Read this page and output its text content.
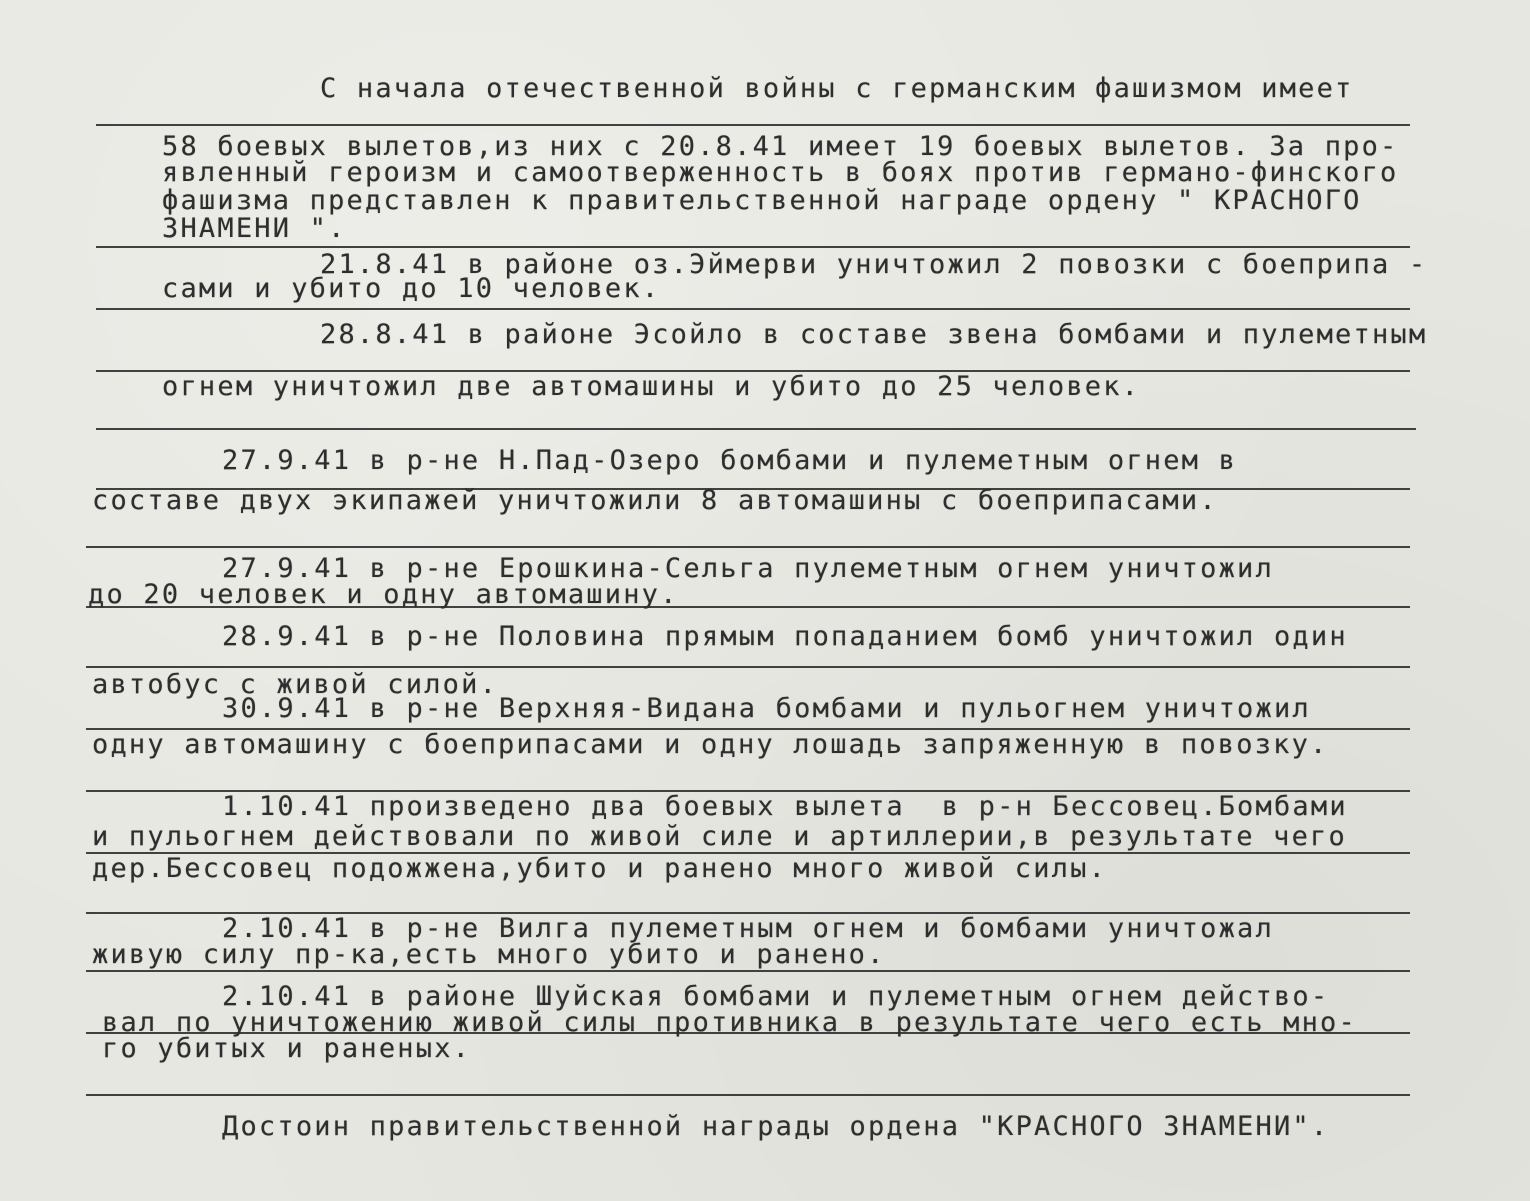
С начала отечественной войны с германским фашизмом имеет
58 боевых вылетов,из них с 20.8.41 имеет 19 боевых вылетов. За про-
явленный героизм и самоотверженность в боях против германо-финского
фашизма представлен к правительственной награде ордену " КРАСНОГО
ЗНАМЕНИ ".
21.8.41 в районе оз.Эймерви уничтожил 2 повозки с боеприпа -
сами и убито до 10 человек.
28.8.41 в районе Эсойло в составе звена бомбами и пулеметным
огнем уничтожил две автомашины и убито до 25 человек.
27.9.41 в р-не Н.Пад-Озеро бомбами и пулеметным огнем в
составе двух экипажей уничтожили 8 автомашины с боеприпасами.
27.9.41 в р-не Ерошкина-Сельга пулеметным огнем уничтожил
до 20 человек и одну автомашину.
28.9.41 в р-не Половина прямым попаданием бомб уничтожил один
автобус с живой силой.
30.9.41 в р-не Верхняя-Видана бомбами и пульогнем уничтожил
одну автомашину с боеприпасами и одну лошадь запряженную в повозку.
1.10.41 произведено два боевых вылета  в р-н Бессовец.Бомбами
и пульогнем действовали по живой силе и артиллерии,в результате чего
дер.Бессовец подожжена,убито и ранено много живой силы.
2.10.41 в р-не Вилга пулеметным огнем и бомбами уничтожал
живую силу пр-ка,есть много убито и ранено.
2.10.41 в районе Шуйская бомбами и пулеметным огнем действо-
вал по уничтожению живой силы противника в результате чего есть мно-
го убитых и раненых.
Достоин правительственной награды ордена "КРАСНОГО ЗНАМЕНИ".
